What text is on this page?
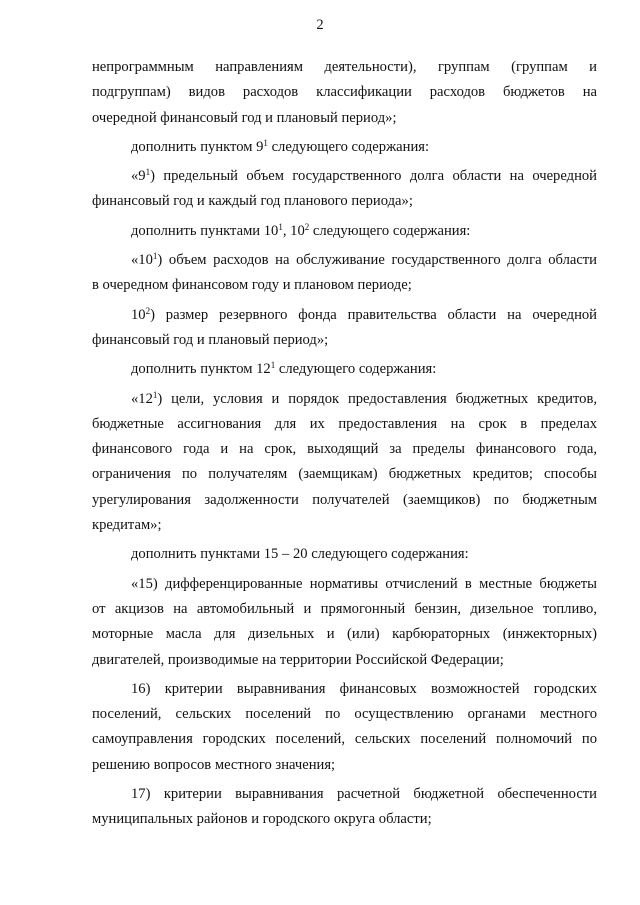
2
непрограммным направлениям деятельности), группам (группам и
подгруппам) видов расходов классификации расходов бюджетов на
очередной финансовый год и плановый период»;
дополнить пунктом $9^1$ следующего содержания:
«$9^1$) предельный объем государственного долга области на очередной
финансовый год и каждый год планового периода»;
дополнить пунктами $10^1$, $10^2$ следующего содержания:
«$10^1$) объем расходов на обслуживание государственного долга области
в очередном финансовом году и плановом периоде;
$10^2$) размер резервного фонда правительства области на очередной
финансовый год и плановый период»;
дополнить пунктом $12^1$ следующего содержания:
«$12^1$) цели, условия и порядок предоставления бюджетных кредитов,
бюджетные ассигнования для их предоставления на срок в пределах
финансового года и на срок, выходящий за пределы финансового года,
ограничения по получателям (заемщикам) бюджетных кредитов; способы
урегулирования задолженности получателей (заемщиков) по бюджетным
кредитам»;
дополнить пунктами 15 – 20 следующего содержания:
«15) дифференцированные нормативы отчислений в местные бюджеты
от акцизов на автомобильный и прямогонный бензин, дизельное топливо,
моторные масла для дизельных и (или) карбюраторных (инжекторных)
двигателей, производимые на территории Российской Федерации;
16) критерии выравнивания финансовых возможностей городских
поселений, сельских поселений по осуществлению органами местного
самоуправления городских поселений, сельских поселений полномочий по
решению вопросов местного значения;
17) критерии выравнивания расчетной бюджетной обеспеченности
муниципальных районов и городского округа области;
